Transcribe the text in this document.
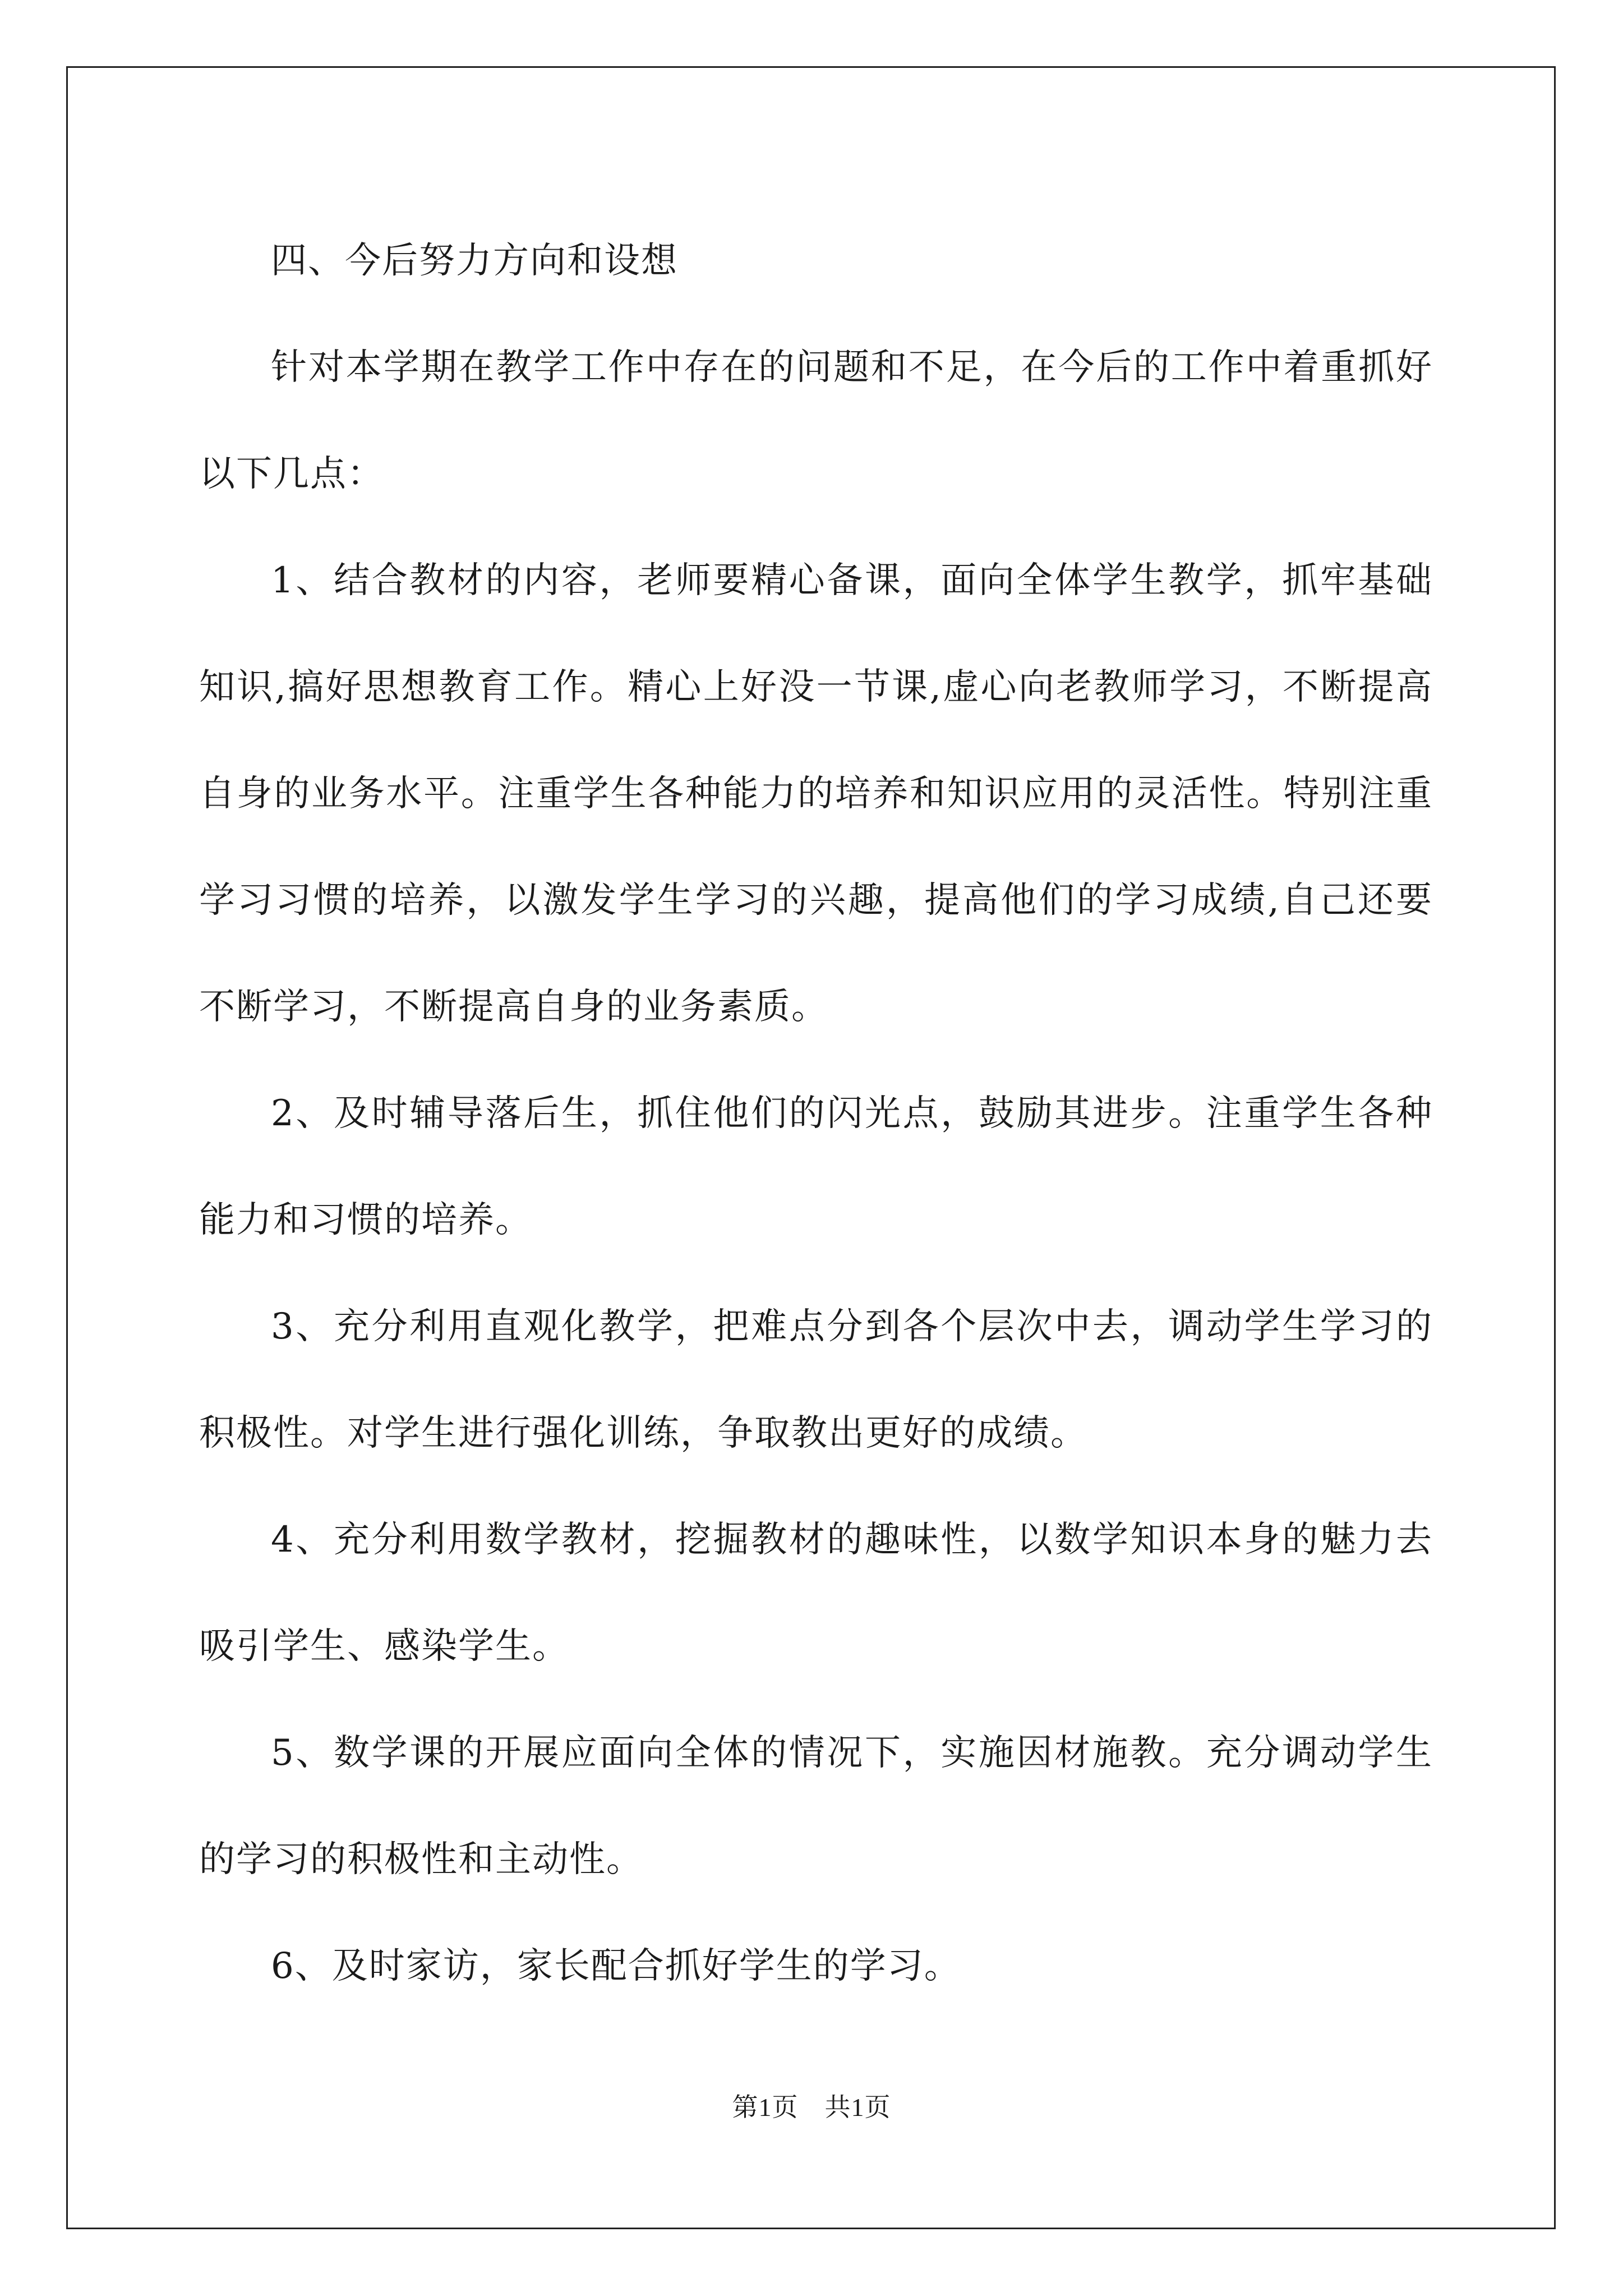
四、今后努力方向和设想

针对本学期在教学工作中存在的问题和不足，在今后的工作中着重抓好以下几点：

1、结合教材的内容，老师要精心备课，面向全体学生教学，抓牢基础知识,搞好思想教育工作。精心上好没一节课,虚心向老教师学习，不断提高自身的业务水平。注重学生各种能力的培养和知识应用的灵活性。特别注重学习习惯的培养，以激发学生学习的兴趣，提高他们的学习成绩,自己还要不断学习，不断提高自身的业务素质。

2、及时辅导落后生，抓住他们的闪光点，鼓励其进步。注重学生各种能力和习惯的培养。

3、充分利用直观化教学，把难点分到各个层次中去，调动学生学习的积极性。对学生进行强化训练，争取教出更好的成绩。

4、充分利用数学教材，挖掘教材的趣味性，以数学知识本身的魅力去吸引学生、感染学生。

5、数学课的开展应面向全体的情况下，实施因材施教。充分调动学生的学习的积极性和主动性。

6、及时家访，家长配合抓好学生的学习。

第1页　共1页
